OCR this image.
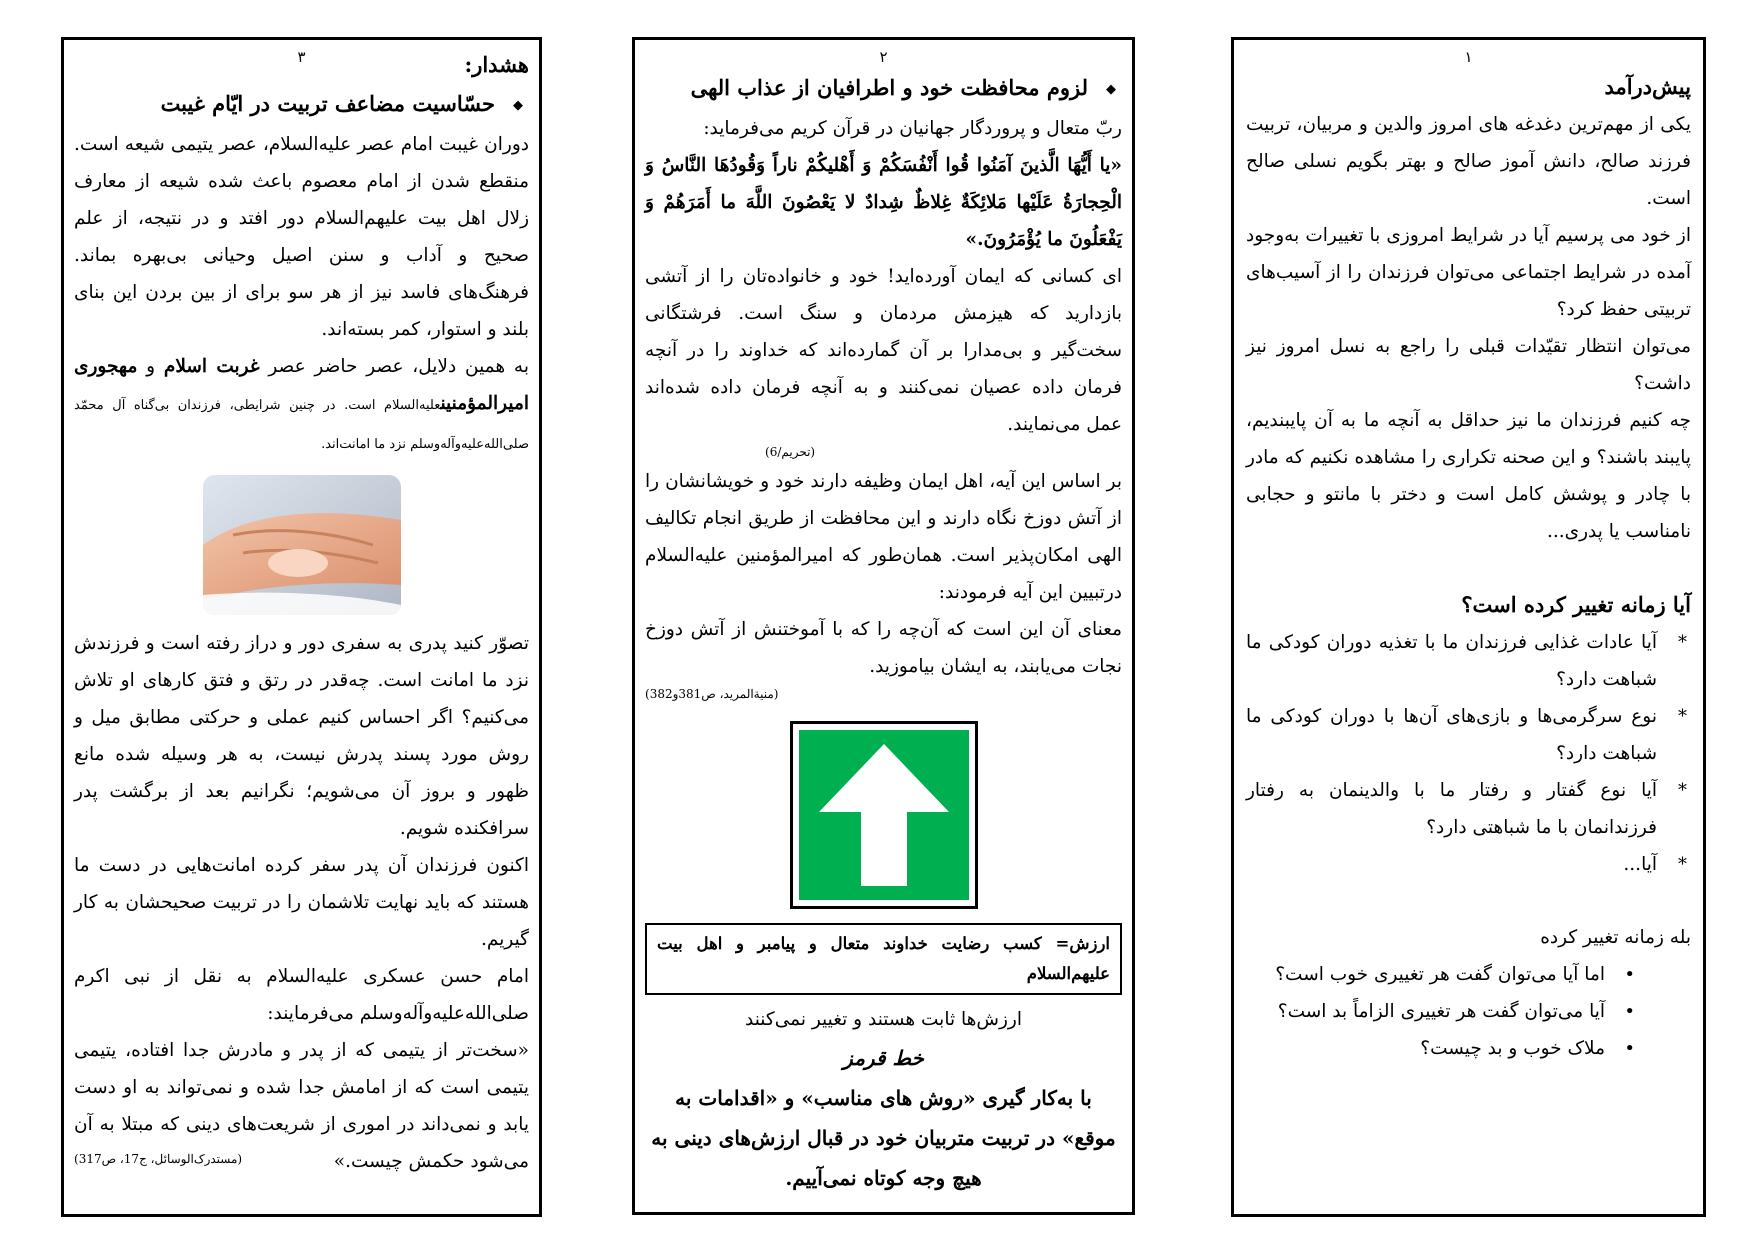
١

پیش‌درآمد

یکی از مهم‌ترین دغدغه های امروز والدین و مربیان، تربیت فرزند صالح، دانش آموز صالح و بهتر بگویم نسلی صالح است.

از خود می پرسیم آیا در شرایط امروزی با تغییرات به‌وجود آمده در شرایط اجتماعی می‌توان فرزندان را از آسیب‌های تربیتی حفظ کرد؟

می‌توان انتظار تقیّدات قبلی را راجع به نسل امروز نیز داشت؟

چه کنیم فرزندان ما نیز حداقل به آنچه ما به آن پایبندیم، پایبند باشند؟ و این صحنه تکراری را مشاهده نکنیم که مادر با چادر و پوشش کامل است و دختر با مانتو و حجابی نامناسب یا پدری...

آیا زمانه تغییر کرده است؟

*
آیا عادات غذایی فرزندان ما با تغذیه دوران کودکی ما شباهت دارد؟
*
نوع سرگرمی‌ها و بازی‌های آن‌ها با دوران کودکی ما شباهت دارد؟
*
آیا نوع گفتار و رفتار ما با والدینمان به رفتار فرزندانمان با ما شباهتی دارد؟
*
آیا...

بله زمانه تغییر کرده

•
اما آیا می‌توان گفت هر تغییری خوب است؟
•
آیا می‌توان گفت هر تغییری الزاماً بد است؟
•
ملاک خوب و بد چیست؟
٢

◆لزوم محافظت خود و اطرافیان از عذاب الهی

ربّ متعال و پروردگار جهانیان در قرآن کریم می‌فرماید:

«یا أَیُّهَا الَّذینَ آمَنُوا قُوا أَنْفُسَکُمْ وَ أَهْلیکُمْ ناراً وَقُودُهَا النَّاسُ وَ الْحِجارَةُ عَلَیْها مَلائِکَةٌ غِلاظٌ شِدادٌ لا یَعْصُونَ اللَّهَ ما أَمَرَهُمْ وَ یَفْعَلُونَ ما یُؤْمَرُونَ.»

ای کسانی که ایمان آورده‌اید! خود و خانواده‌تان را از آتشی بازدارید که هیزمش مردمان و سنگ است. فرشتگانی سخت‌گیر و بی‌مدارا بر آن گمارده‌اند که خداوند را در آنچه فرمان داده عصیان نمی‌کنند و به آنچه فرمان داده شده‌اند عمل می‌نمایند.

(تحریم/6)

بر اساس این آیه، اهل ایمان وظیفه دارند خود و خویشانشان را از آتش دوزخ نگاه دارند و این محافظت از طریق انجام تکالیف الهی امکان‌پذیر است. همان‌طور که امیرالمؤمنین علیه‌السلام درتبیین این آیه فرمودند:

معنای آن این است که آن‌چه را که با آموختنش از آتش دوزخ نجات می‌یابند، به ایشان بیاموزید.

(منیة‌المرید، ص381و382)

ارزش= کسب رضایت خداوند متعال و پیامبر و اهل بیت علیهم‌السلام

ارزش‌ها ثابت هستند و تغییر نمی‌کنند

خط قرمز

با به‌کار گیری «روش های مناسب» و «اقدامات به موقع» در تربیت متربیان خود در قبال ارزش‌های دینی به هیچ وجه کوتاه نمی‌آییم.

٣	هشدار:

◆حسّاسیت مضاعف تربیت در ایّام غیبت

دوران غیبت امام عصر علیه‌السلام، عصر یتیمی شیعه است. منقطع شدن از امام معصوم باعث شده شیعه از معارف زلال اهل بیت علیهم‌السلام دور افتد و در نتیجه، از علم صحیح و آداب و سنن اصیل وحیانی بی‌بهره بماند. فرهنگ‌های فاسد نیز از هر سو برای از بین بردن این بنای بلند و استوار، کمر بسته‌اند.

به همین دلایل، عصر حاضر عصر غربت اسلام و مهجوری امیرالمؤمنینعلیه‌السلام است. در چنین شرایطی، فرزندان بی‌گناه آل محمّد صلی‌الله‌علیه‌وآله‌وسلم نزد ما امانت‌اند.

تصوّر کنید پدری به سفری دور و دراز رفته است و فرزندش نزد ما امانت است. چه‌قدر در رتق و فتق کارهای او تلاش می‌کنیم؟ اگر احساس کنیم عملی و حرکتی مطابق میل و روش مورد پسند پدرش نیست، به هر وسیله شده مانع ظهور و بروز آن می‌شویم؛ نگرانیم بعد از برگشت پدر سرافکنده شویم.

اکنون فرزندان آن پدر سفر کرده امانت‌هایی در دست ما هستند که باید نهایت تلاشمان را در تربیت صحیحشان به کار گیریم.

امام حسن عسکری علیه‌السلام به نقل از نبی اکرم صلی‌الله‌علیه‌وآله‌وسلم می‌فرمایند:

«سخت‌تر از یتیمی که از پدر و مادرش جدا افتاده، یتیمی یتیمی است که از امامش جدا شده و نمی‌تواند به او دست یابد و نمی‌داند در اموری از شریعت‌های دینی که مبتلا به آن می‌شود حکمش چیست.»

(مستدرک‌الوسائل، ج17، ص317)
